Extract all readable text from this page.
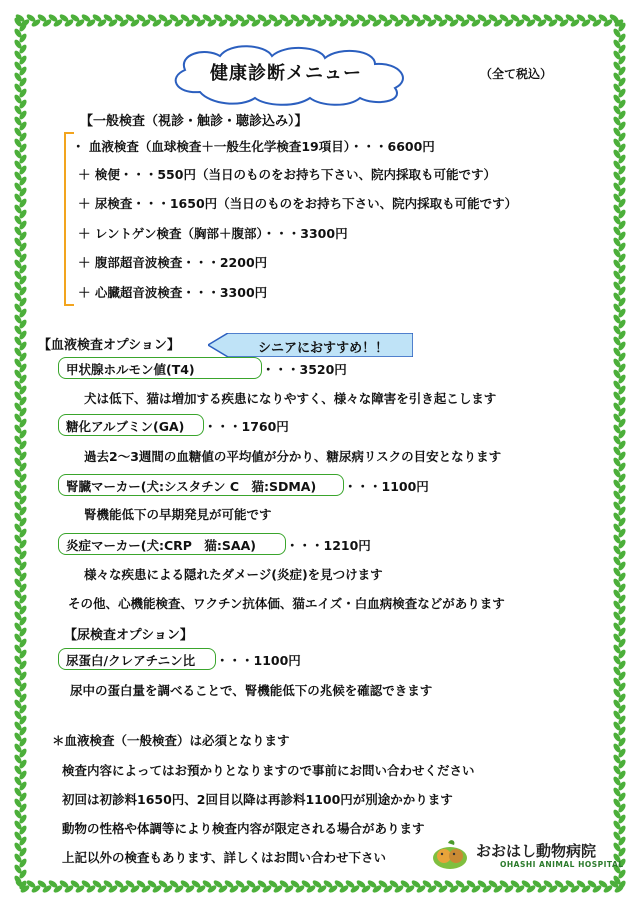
健康診断メニュー	（全て税込）
【一般検査（視診・触診・聴診込み）】
・ 血液検査（血球検査＋一般生化学検査19項目）・・・6600円
＋ 検便・・・550円（当日のものをお持ち下さい、院内採取も可能です）
＋ 尿検査・・・1650円（当日のものをお持ち下さい、院内採取も可能です）
＋ レントゲン検査（胸部＋腹部）・・・3300円
＋ 腹部超音波検査・・・2200円
＋ 心臓超音波検査・・・3300円
【血液検査オプション】	シニアにおすすめ！！
甲状腺ホルモン値(T4)	・・・3520円
犬は低下、猫は増加する疾患になりやすく、様々な障害を引き起こします
糖化アルブミン(GA) ・・・1760円
過去2～3週間の血糖値の平均値が分かり、糖尿病リスクの目安となります
腎臓マーカー(犬:シスタチン C　猫:SDMA) ・・・1100円
腎機能低下の早期発見が可能です
炎症マーカー(犬:CRP　猫:SAA) ・・・1210円
様々な疾患による隠れたダメージ(炎症)を見つけます
その他、心機能検査、ワクチン抗体価、猫エイズ・白血病検査などがあります
【尿検査オプション】
尿蛋白/クレアチニン比 ・・・1100円
尿中の蛋白量を調べることで、腎機能低下の兆候を確認できます
＊血液検査（一般検査）は必須となります
検査内容によってはお預かりとなりますので事前にお問い合わせください
初回は初診料1650円、2回目以降は再診料1100円が別途かかります
動物の性格や体調等により検査内容が限定される場合があります
上記以外の検査もあります、詳しくはお問い合わせ下さい	おおはし動物病院
OHASHI ANIMAL HOSPITAL
